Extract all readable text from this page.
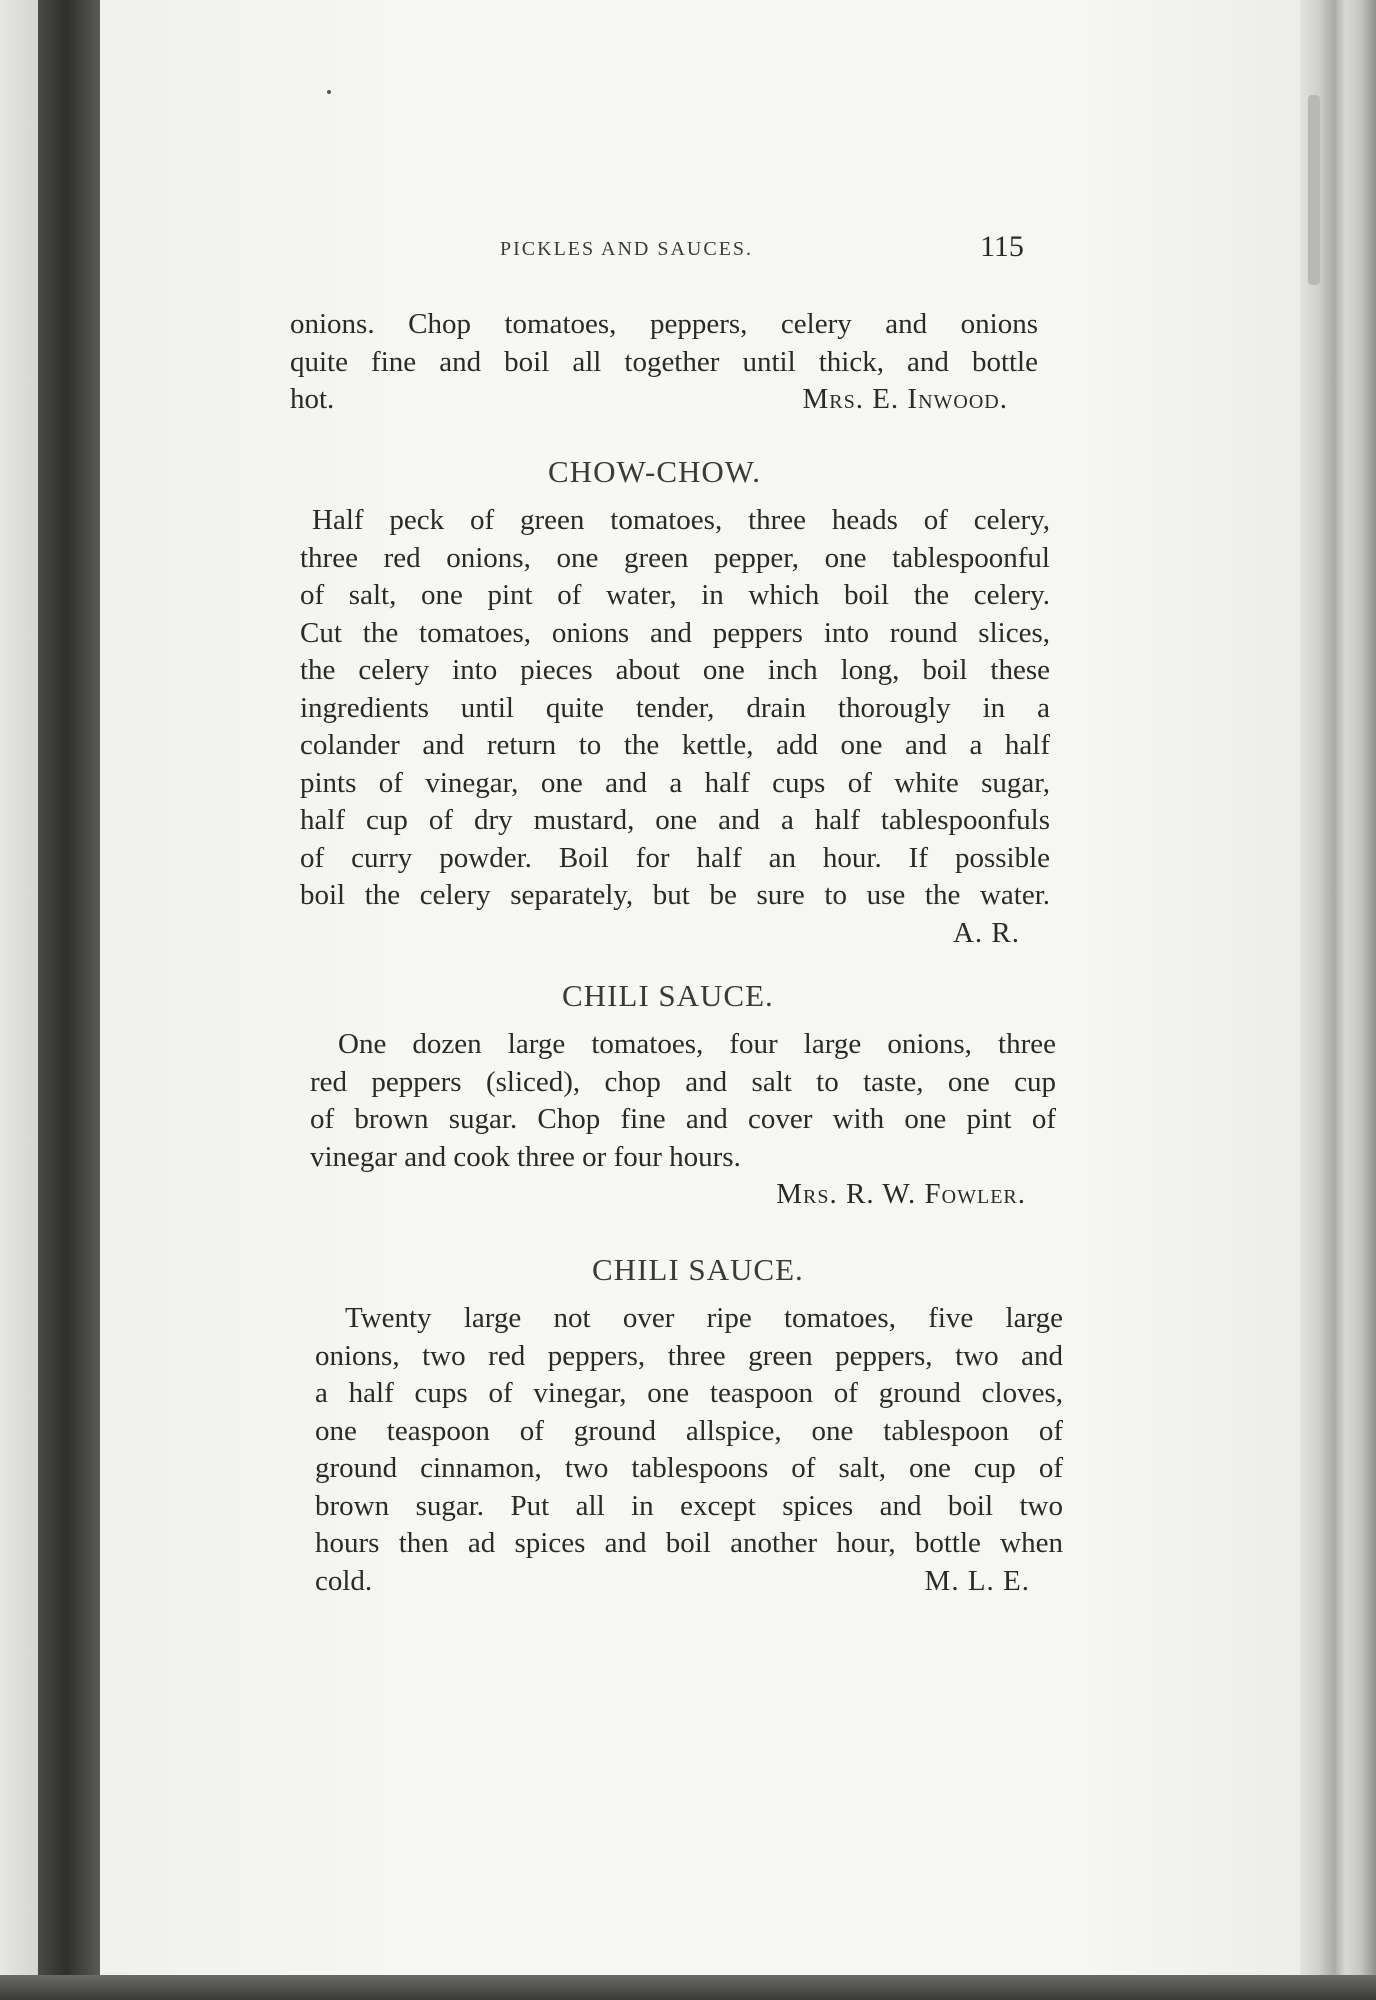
PICKLES AND SAUCES.	115
onions. Chop tomatoes, peppers, celery and onions
quite fine and boil all together until thick, and bottle
hot.	Mrs. E. Inwood.
CHOW-CHOW.
Half peck of green tomatoes, three heads of celery,
three red onions, one green pepper, one tablespoonful
of salt, one pint of water, in which boil the celery.
Cut the tomatoes, onions and peppers into round slices,
the celery into pieces about one inch long, boil these
ingredients until quite tender, drain thorougly in a
colander and return to the kettle, add one and a half
pints of vinegar, one and a half cups of white sugar,
half cup of dry mustard, one and a half tablespoonfuls
of curry powder. Boil for half an hour. If possible
boil the celery separately, but be sure to use the water.
A. R.
CHILI SAUCE.
One dozen large tomatoes, four large onions, three
red peppers (sliced), chop and salt to taste, one cup
of brown sugar. Chop fine and cover with one pint of
vinegar and cook three or four hours.
Mrs. R. W. Fowler.
CHILI SAUCE.
Twenty large not over ripe tomatoes, five large
onions, two red peppers, three green peppers, two and
a half cups of vinegar, one teaspoon of ground cloves,
one teaspoon of ground allspice, one tablespoon of
ground cinnamon, two tablespoons of salt, one cup of
brown sugar. Put all in except spices and boil two
hours then ad spices and boil another hour, bottle when
cold.	M. L. E.
